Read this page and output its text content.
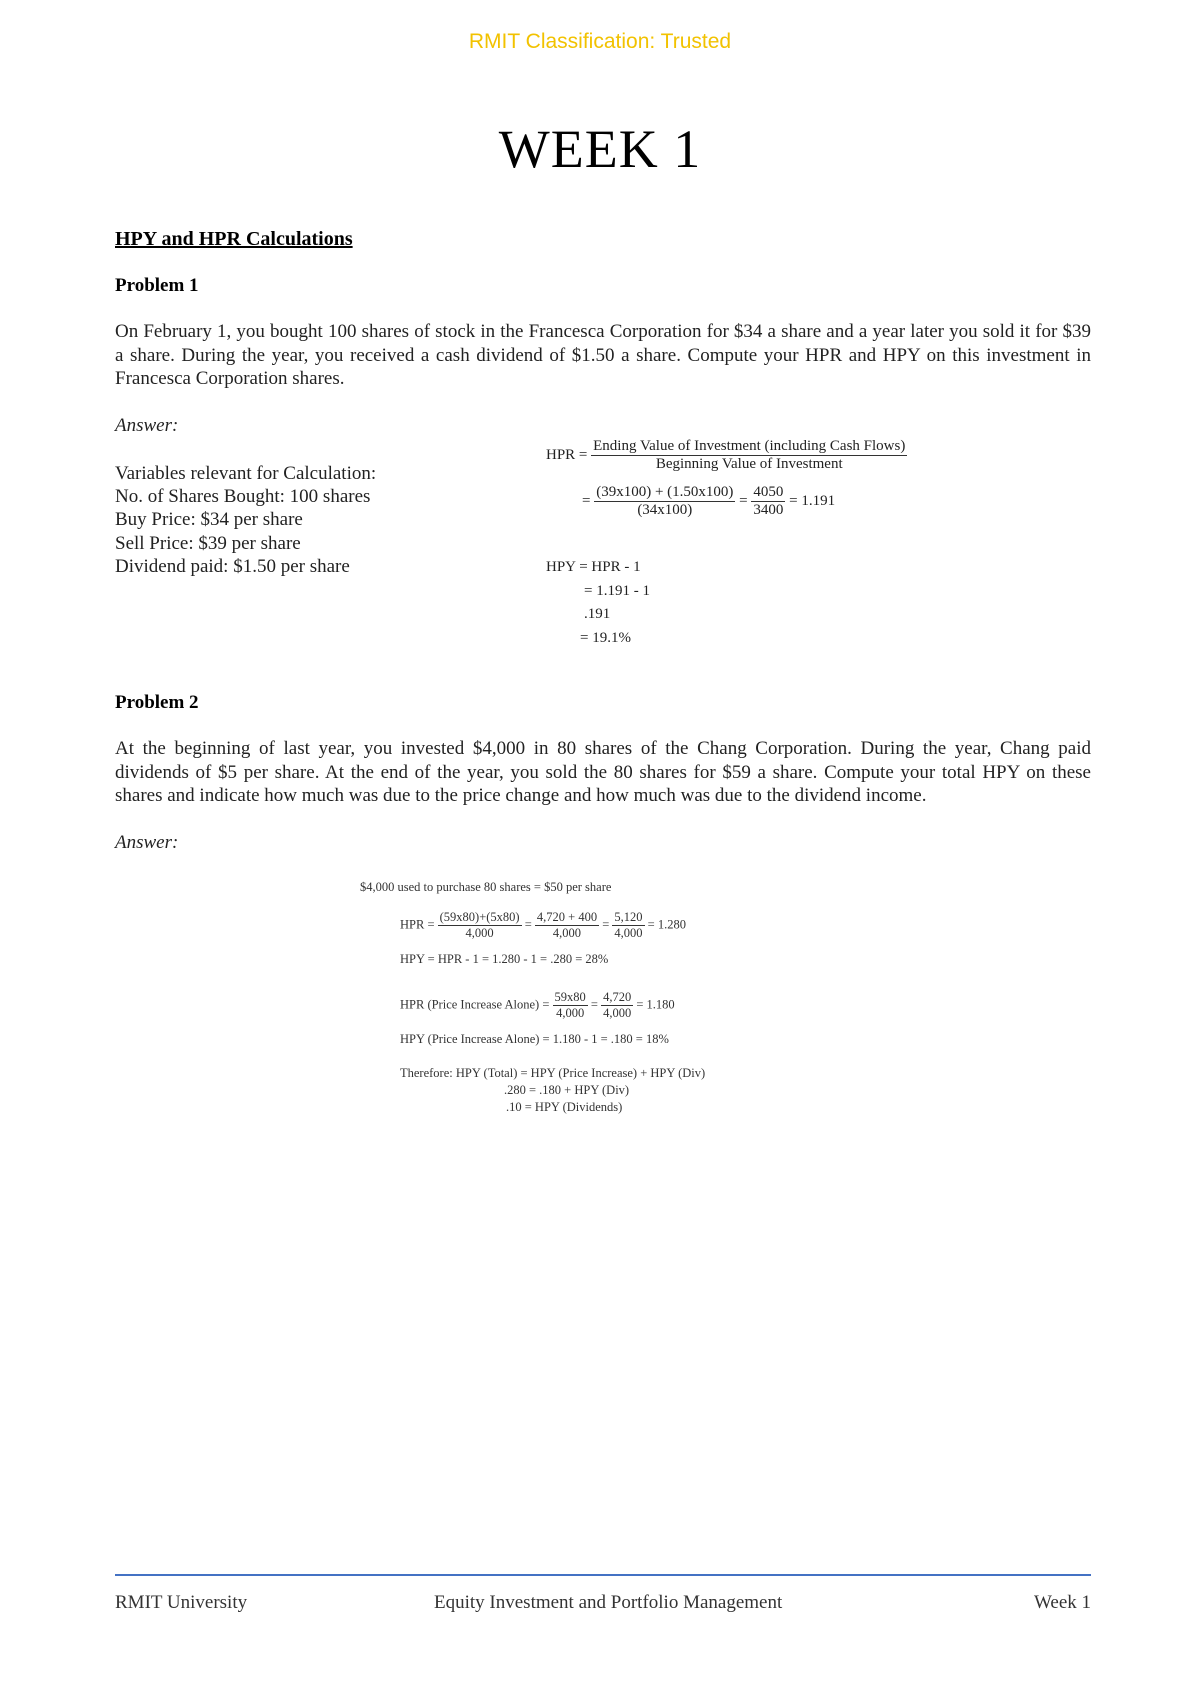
RMIT Classification: Trusted
WEEK 1
HPY and HPR Calculations
Problem 1
On February 1, you bought 100 shares of stock in the Francesca Corporation for $34 a share and a year later you sold it for $39 a share. During the year, you received a cash dividend of $1.50 a share. Compute your HPR and HPY on this investment in Francesca Corporation shares.
Answer:
Variables relevant for Calculation:
No. of Shares Bought: 100 shares
Buy Price: $34 per share
Sell Price: $39 per share
Dividend paid: $1.50 per share
HPR = $\frac{\text{Ending Value of Investment (including Cash Flows)}}{\text{Beginning Value of Investment}}$
= $\frac{(39x100) + (1.50x100)}{(34x100)} = \frac{4050}{3400} = 1.191$
HPY = HPR - 1
= 1.191 - 1
.191
= 19.1%
Problem 2
At the beginning of last year, you invested $4,000 in 80 shares of the Chang Corporation. During the year, Chang paid dividends of $5 per share. At the end of the year, you sold the 80 shares for $59 a share. Compute your total HPY on these shares and indicate how much was due to the price change and how much was due to the dividend income.
Answer:
$4,000 used to purchase 80 shares = $50 per share
HPR = $\frac{(59x80)+(5x80)}{4,000} = \frac{4,720 + 400}{4,000} = \frac{5,120}{4,000} = 1.280$
HPY = HPR - 1 = 1.280 - 1 = .280 = 28%
HPR (Price Increase Alone) = $\frac{59x80}{4,000} = \frac{4,720}{4,000} = 1.180$
HPY (Price Increase Alone) = 1.180 - 1 = .180 = 18%
Therefore: HPY (Total) = HPY (Price Increase) + HPY (Div)
.280 = .180 + HPY (Div)
.10 = HPY (Dividends)
RMIT University	Equity Investment and Portfolio Management	Week 1
